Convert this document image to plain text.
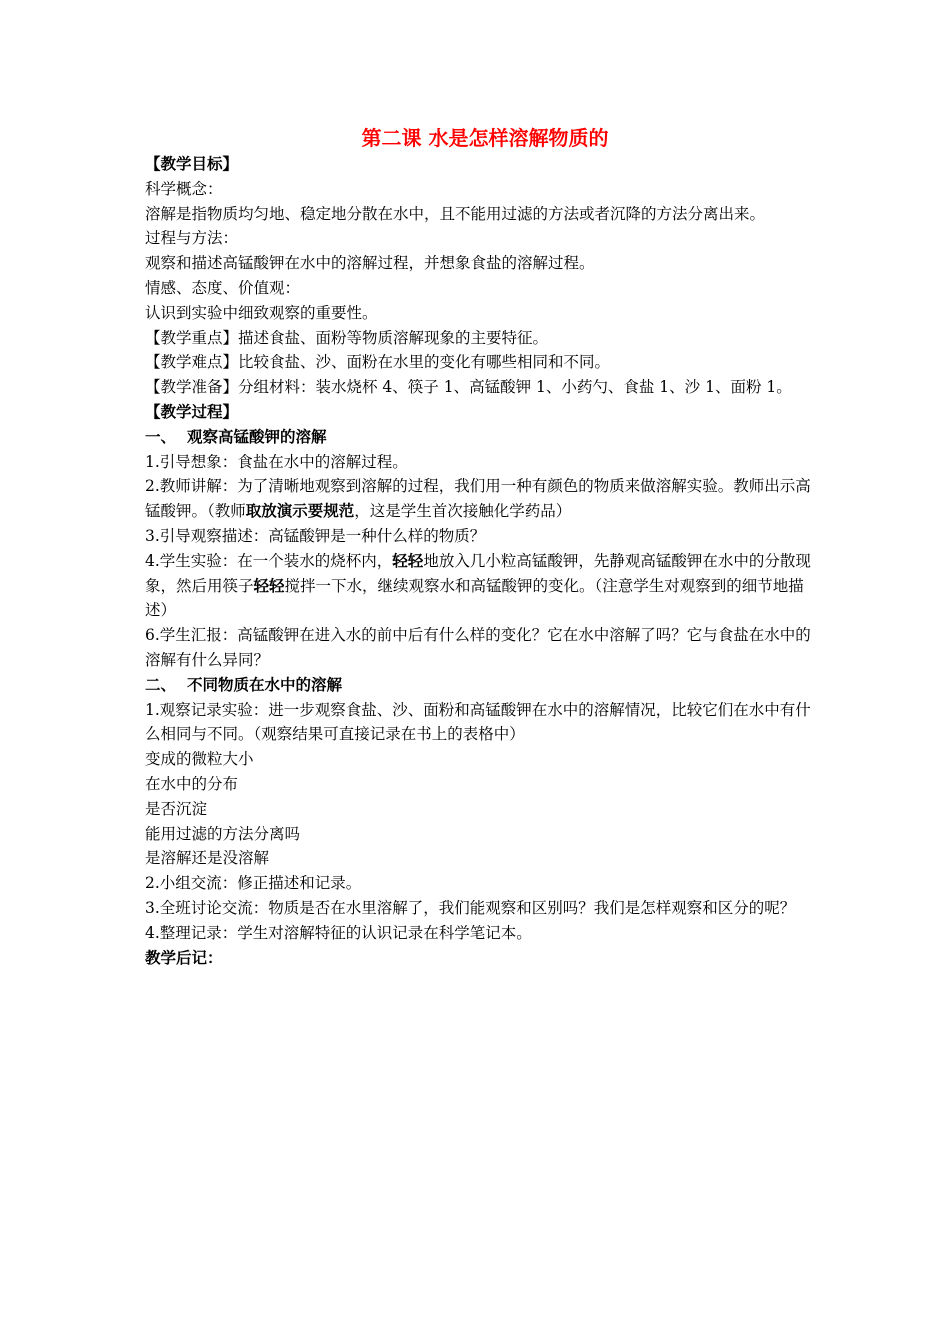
第二课 水是怎样溶解物质的

【教学目标】

科学概念：

溶解是指物质均匀地、稳定地分散在水中，且不能用过滤的方法或者沉降的方法分离出来。

过程与方法：

观察和描述高锰酸钾在水中的溶解过程，并想象食盐的溶解过程。

情感、态度、价值观：

认识到实验中细致观察的重要性。

【教学重点】描述食盐、面粉等物质溶解现象的主要特征。

【教学难点】比较食盐、沙、面粉在水里的变化有哪些相同和不同。

【教学准备】分组材料：装水烧杯 4、筷子 1、高锰酸钾 1、小药勺、食盐 1、沙 1、面粉 1。

【教学过程】

一、 观察高锰酸钾的溶解

1.引导想象：食盐在水中的溶解过程。

2.教师讲解：为了清晰地观察到溶解的过程，我们用一种有颜色的物质来做溶解实验。教师出示高锰酸钾。（教师取放演示要规范，这是学生首次接触化学药品）

3.引导观察描述：高锰酸钾是一种什么样的物质？

4.学生实验：在一个装水的烧杯内，轻轻地放入几小粒高锰酸钾，先静观高锰酸钾在水中的分散现象，然后用筷子轻轻搅拌一下水，继续观察水和高锰酸钾的变化。（注意学生对观察到的细节地描述）

6.学生汇报：高锰酸钾在进入水的前中后有什么样的变化？它在水中溶解了吗？它与食盐在水中的溶解有什么异同？

二、 不同物质在水中的溶解

1.观察记录实验：进一步观察食盐、沙、面粉和高锰酸钾在水中的溶解情况，比较它们在水中有什么相同与不同。（观察结果可直接记录在书上的表格中）

变成的微粒大小

在水中的分布

是否沉淀

能用过滤的方法分离吗

是溶解还是没溶解

2.小组交流：修正描述和记录。

3.全班讨论交流：物质是否在水里溶解了，我们能观察和区别吗？我们是怎样观察和区分的呢？

4.整理记录：学生对溶解特征的认识记录在科学笔记本。

教学后记：
